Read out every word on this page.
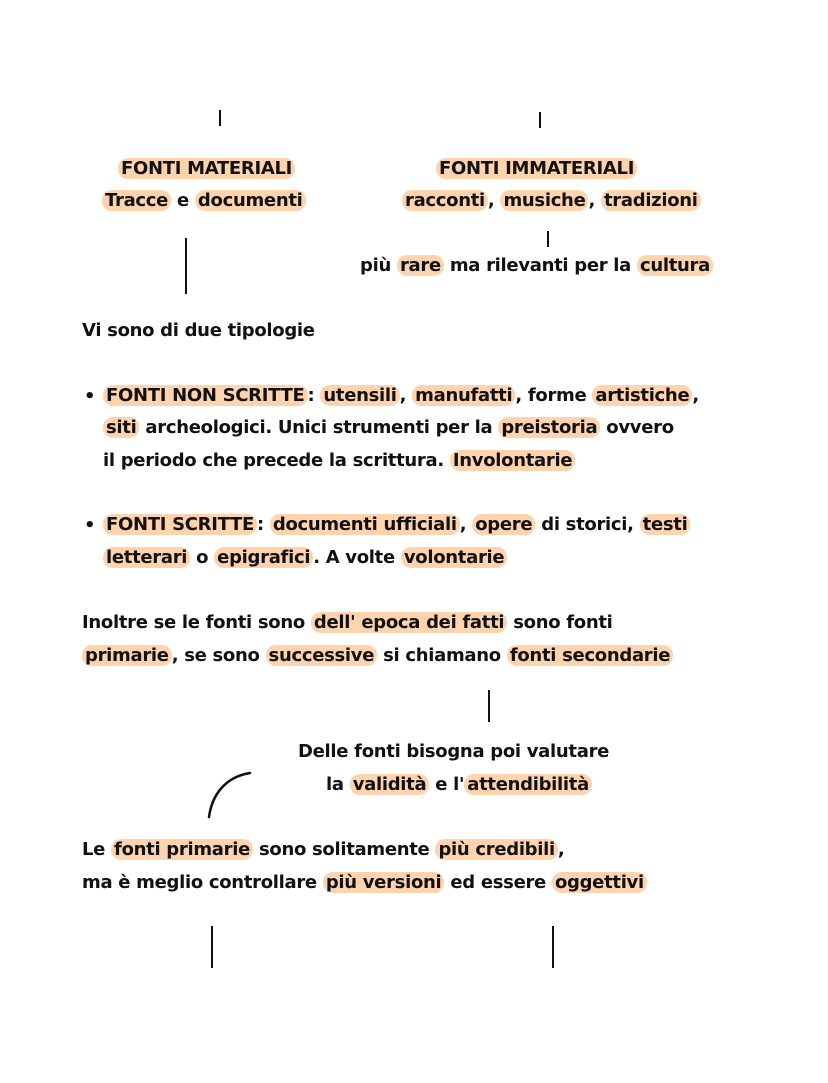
FONTI MATERIALI
Tracce e documenti
FONTI IMMATERIALI
racconti , musiche , tradizioni
più rare ma rilevanti per la cultura
Vi sono di due tipologie
• FONTI NON SCRITTE : utensili , manufatti , forme artistiche ,
siti archeologici. Unici strumenti per la preistoria ovvero
il periodo che precede la scrittura. Involontarie
• FONTI SCRITTE : documenti ufficiali , opere di storici, testi
letterari o epigrafici . A volte volontarie
Inoltre se le fonti sono dell' epoca dei fatti sono fonti
primarie , se sono successive si chiamano fonti secondarie
Delle fonti bisogna poi valutare
la validità e l' attendibilità
Le fonti primarie sono solitamente più credibili ,
ma è meglio controllare più versioni ed essere oggettivi
